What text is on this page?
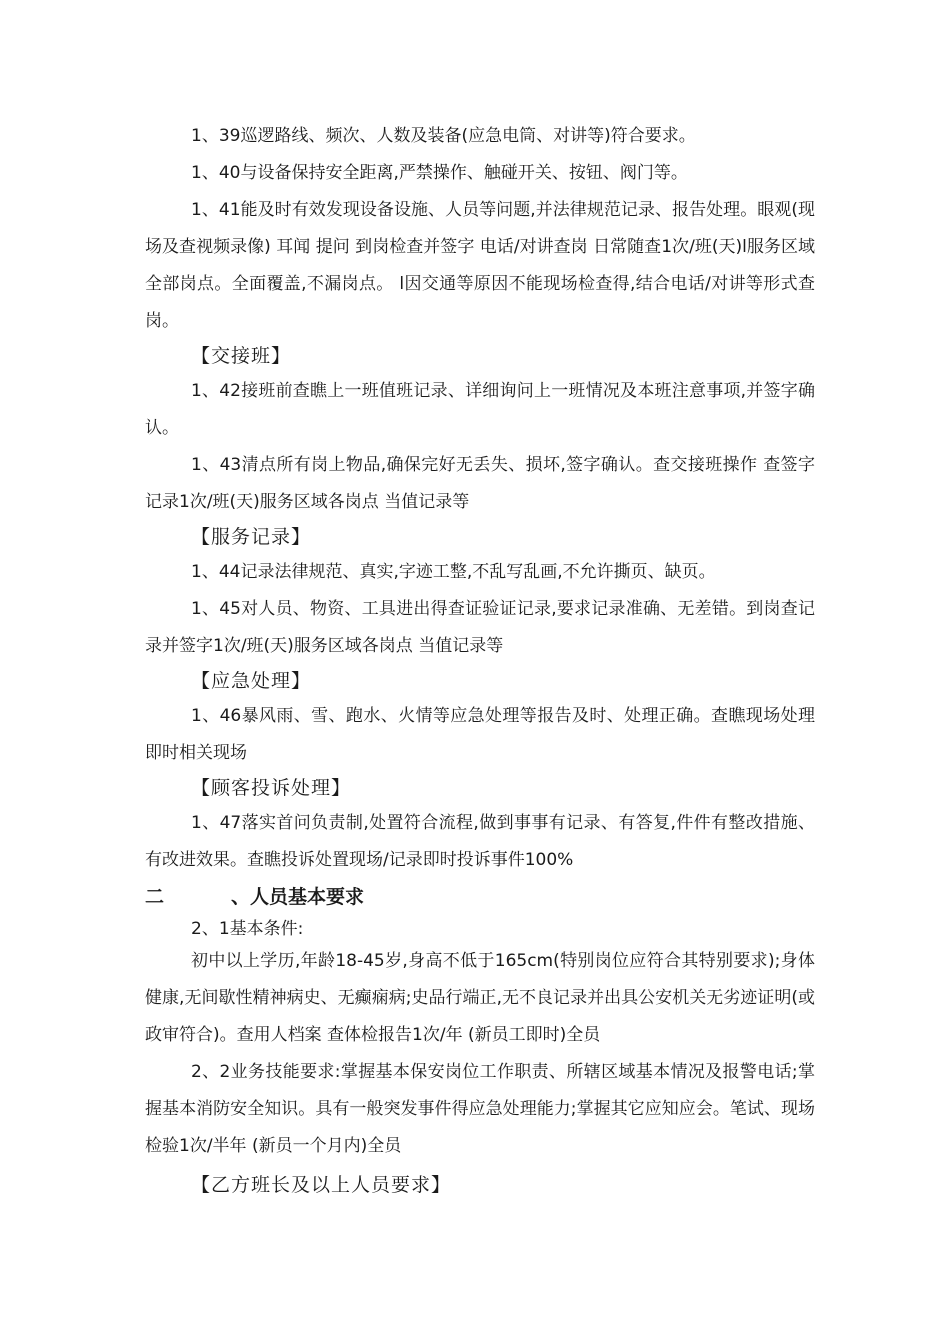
1、39巡逻路线、频次、人数及装备(应急电筒、对讲等)符合要求。

1、40与设备保持安全距离,严禁操作、触碰开关、按钮、阀门等。

1、41能及时有效发现设备设施、人员等问题,并法律规范记录、报告处理。眼观(现场及查视频录像) 耳闻 提问 到岗检查并签字 电话/对讲查岗 日常随查1次/班(天)l服务区域全部岗点。全面覆盖,不漏岗点。 l因交通等原因不能现场检查得,结合电话/对讲等形式查岗。

【交接班】

1、42接班前查瞧上一班值班记录、详细询问上一班情况及本班注意事项,并签字确认。

1、43清点所有岗上物品,确保完好无丢失、损坏,签字确认。查交接班操作 查签字记录1次/班(天)服务区域各岗点 当值记录等

【服务记录】

1、44记录法律规范、真实,字迹工整,不乱写乱画,不允许撕页、缺页。

1、45对人员、物资、工具进出得查证验证记录,要求记录准确、无差错。到岗查记录并签字1次/班(天)服务区域各岗点 当值记录等

【应急处理】

1、46暴风雨、雪、跑水、火情等应急处理等报告及时、处理正确。查瞧现场处理即时相关现场

【顾客投诉处理】

1、47落实首问负责制,处置符合流程,做到事事有记录、有答复,件件有整改措施、有改进效果。查瞧投诉处置现场/记录即时投诉事件100%

二	、人员基本要求

2、1基本条件:

初中以上学历,年龄18-45岁,身高不低于165cm(特别岗位应符合其特别要求);身体健康,无间歇性精神病史、无癫痫病;史品行端正,无不良记录并出具公安机关无劣迹证明(或政审符合)。查用人档案 查体检报告1次/年 (新员工即时)全员

2、2业务技能要求:掌握基本保安岗位工作职责、所辖区域基本情况及报警电话;掌握基本消防安全知识。具有一般突发事件得应急处理能力;掌握其它应知应会。笔试、现场检验1次/半年 (新员一个月内)全员

【乙方班长及以上人员要求】
